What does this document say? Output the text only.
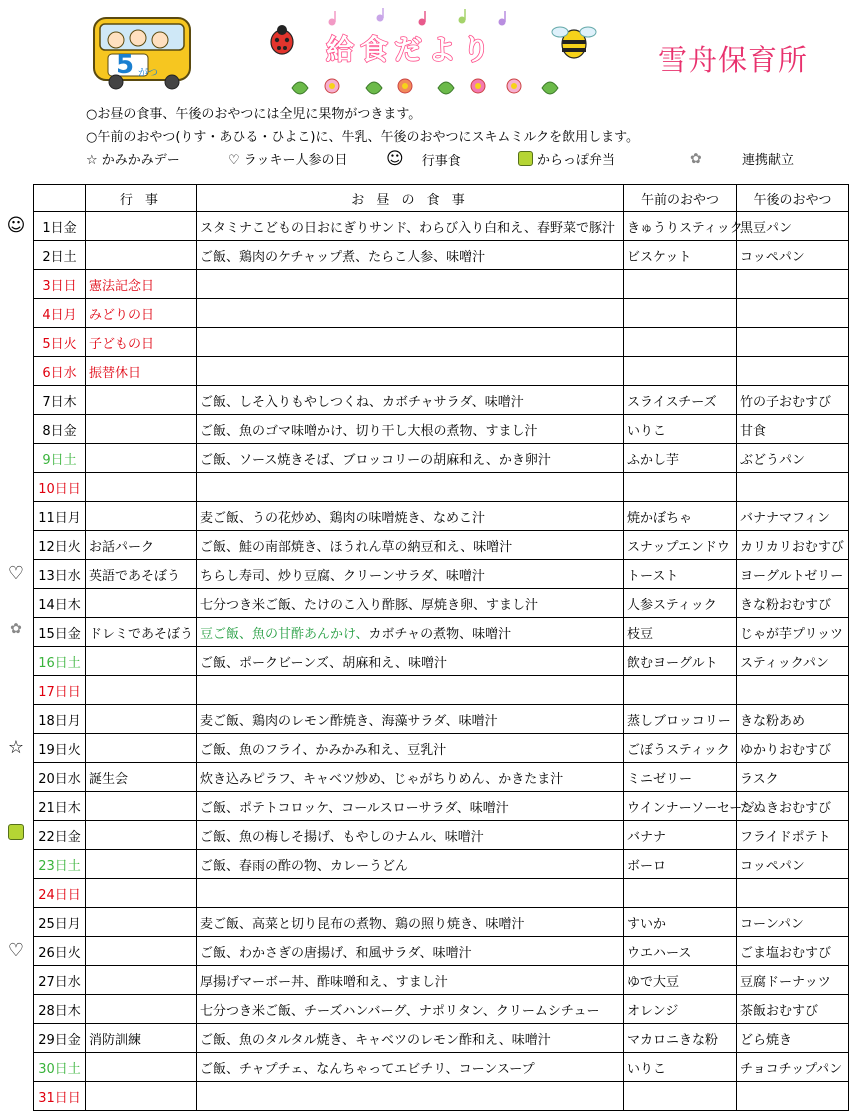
5 がつ
給食だより	雪舟保育所
○お昼の食事、午後のおやつには全児に果物がつきます。
○午前のおやつ(りす・あひる・ひよこ)に、牛乳、午後のおやつにスキムミルクを飲用します。
☆ かみかみデー	♡ ラッキー人参の日 ☺ 行事食	からっぽ弁当	✿	連携献立
	行 事	お 昼 の 食 事	午前のおやつ	午後のおやつ
1日金		スタミナこどもの日おにぎりサンド、わらび入り白和え、春野菜で豚汁	きゅうりスティック	黒豆パン
2日土		ご飯、鶏肉のケチャップ煮、たらこ人参、味噌汁	ビスケット	コッペパン
3日日	憲法記念日			
4日月	みどりの日			
5日火	子どもの日			
6日水	振替休日			
7日木		ご飯、しそ入りもやしつくね、カボチャサラダ、味噌汁	スライスチーズ	竹の子おむすび
8日金		ご飯、魚のゴマ味噌かけ、切り干し大根の煮物、すまし汁	いりこ	甘食
9日土		ご飯、ソース焼きそば、ブロッコリーの胡麻和え、かき卵汁	ふかし芋	ぶどうパン
10日日				
11日月		麦ご飯、うの花炒め、鶏肉の味噌焼き、なめこ汁	焼かぼちゃ	バナナマフィン
12日火	お話パーク	ご飯、鮭の南部焼き、ほうれん草の納豆和え、味噌汁	スナップエンドウ	カリカリおむすび
13日水	英語であそぼう	ちらし寿司、炒り豆腐、クリーンサラダ、味噌汁	トースト	ヨーグルトゼリー
14日木		七分つき米ご飯、たけのこ入り酢豚、厚焼き卵、すまし汁	人参スティック	きな粉おむすび
15日金	ドレミであそぼう	豆ご飯、魚の甘酢あんかけ、カボチャの煮物、味噌汁	枝豆	じゃが芋プリッツ
16日土		ご飯、ポークビーンズ、胡麻和え、味噌汁	飲むヨーグルト	スティックパン
17日日				
18日月		麦ご飯、鶏肉のレモン酢焼き、海藻サラダ、味噌汁	蒸しブロッコリー	きな粉あめ
19日火		ご飯、魚のフライ、かみかみ和え、豆乳汁	ごぼうスティック	ゆかりおむすび
20日水	誕生会	炊き込みピラフ、キャベツ炒め、じゃがちりめん、かきたま汁	ミニゼリー	ラスク
21日木		ご飯、ポテトコロッケ、コールスローサラダ、味噌汁	ウインナーソーセージ	たぬきおむすび
22日金		ご飯、魚の梅しそ揚げ、もやしのナムル、味噌汁	バナナ	フライドポテト
23日土		ご飯、春雨の酢の物、カレーうどん	ボーロ	コッペパン
24日日				
25日月		麦ご飯、高菜と切り昆布の煮物、鶏の照り焼き、味噌汁	すいか	コーンパン
26日火		ご飯、わかさぎの唐揚げ、和風サラダ、味噌汁	ウエハース	ごま塩おむすび
27日水		厚揚げマーボー丼、酢味噌和え、すまし汁	ゆで大豆	豆腐ドーナッツ
28日木		七分つき米ご飯、チーズハンバーグ、ナポリタン、クリームシチュー	オレンジ	茶飯おむすび
29日金	消防訓練	ご飯、魚のタルタル焼き、キャベツのレモン酢和え、味噌汁	マカロニきな粉	どら焼き
30日土		ご飯、チャプチェ、なんちゃってエビチリ、コーンスープ	いりこ	チョコチップパン
31日日				
☺
♡
✿
☆
♡
